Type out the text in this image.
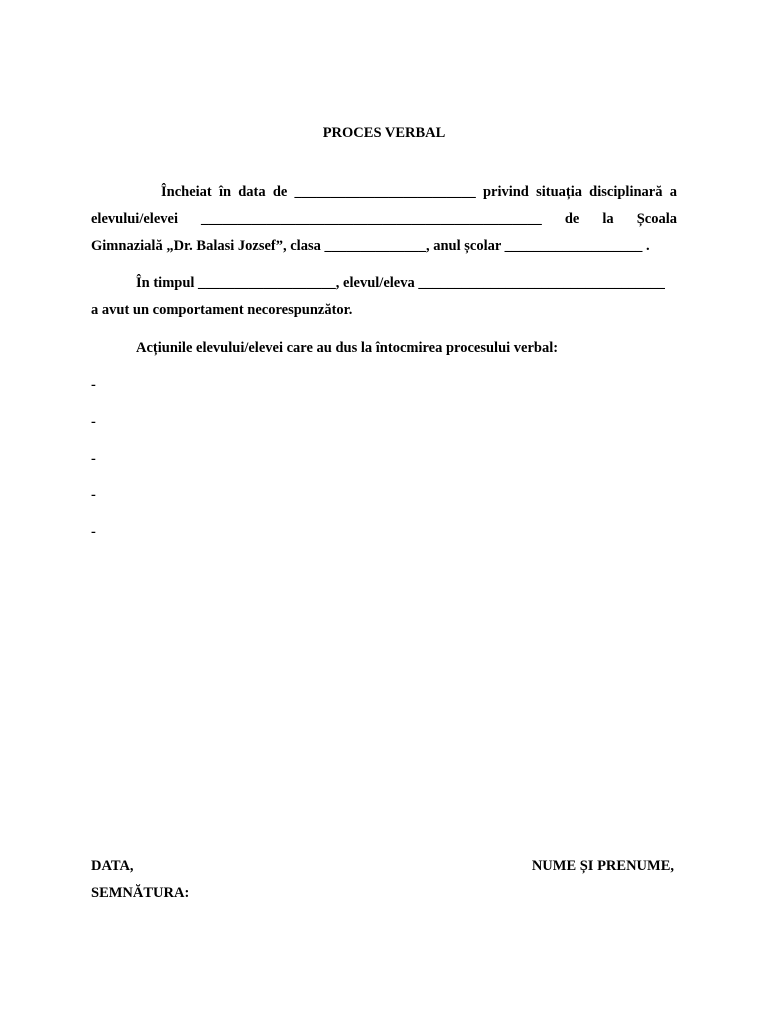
PROCES VERBAL
Încheiat în data de _________________________ privind situația disciplinară a
elevului/elevei _______________________________________________ de la Școala
Gimnazială „Dr. Balasi Jozsef”, clasa ______________, anul școlar ___________________ .
În timpul ___________________, elevul/eleva __________________________________
a avut un comportament necorespunzător.
Acțiunile elevului/elevei care au dus la întocmirea procesului verbal:
-
-
-
-
-
DATA,	NUME ȘI PRENUME,
SEMNĂTURA:
